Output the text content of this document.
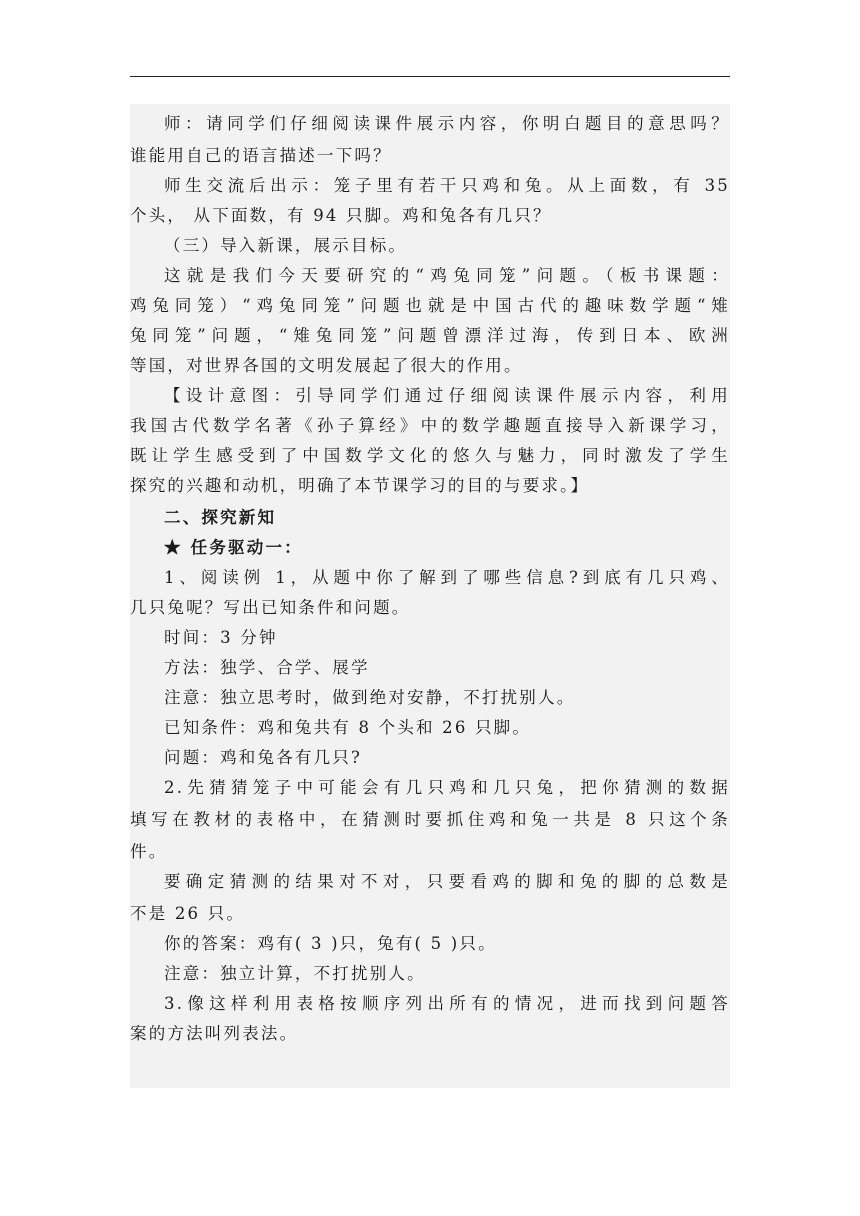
师：请同学们仔细阅读课件展示内容，你明白题目的意思吗？
谁能用自己的语言描述一下吗？
师生交流后出示：笼子里有若干只鸡和兔。从上面数，有 35
个头， 从下面数，有 94 只脚。鸡和兔各有几只？
（三）导入新课，展示目标。
这就是我们今天要研究的“鸡兔同笼”问题。（板书课题：
鸡兔同笼）“鸡兔同笼”问题也就是中国古代的趣味数学题“雉
兔同笼”问题，“雉兔同笼”问题曾漂洋过海，传到日本、欧洲
等国，对世界各国的文明发展起了很大的作用。
【设计意图：引导同学们通过仔细阅读课件展示内容，利用
我国古代数学名著《孙子算经》中的数学趣题直接导入新课学习，
既让学生感受到了中国数学文化的悠久与魅力，同时激发了学生
探究的兴趣和动机，明确了本节课学习的目的与要求。】
二、探究新知
★ 任务驱动一：
1、阅读例 1，从题中你了解到了哪些信息?到底有几只鸡、
几只兔呢？写出已知条件和问题。
时间：3 分钟
方法：独学、合学、展学
注意：独立思考时，做到绝对安静，不打扰别人。
已知条件：鸡和兔共有 8 个头和 26 只脚。
问题：鸡和兔各有几只?
2.先猜猜笼子中可能会有几只鸡和几只兔，把你猜测的数据
填写在教材的表格中，在猜测时要抓住鸡和兔一共是 8 只这个条
件。
要确定猜测的结果对不对，只要看鸡的脚和兔的脚的总数是
不是 26 只。
你的答案：鸡有( 3 )只，兔有( 5 )只。
注意：独立计算，不打扰别人。
3.像这样利用表格按顺序列出所有的情况，进而找到问题答
案的方法叫列表法。
